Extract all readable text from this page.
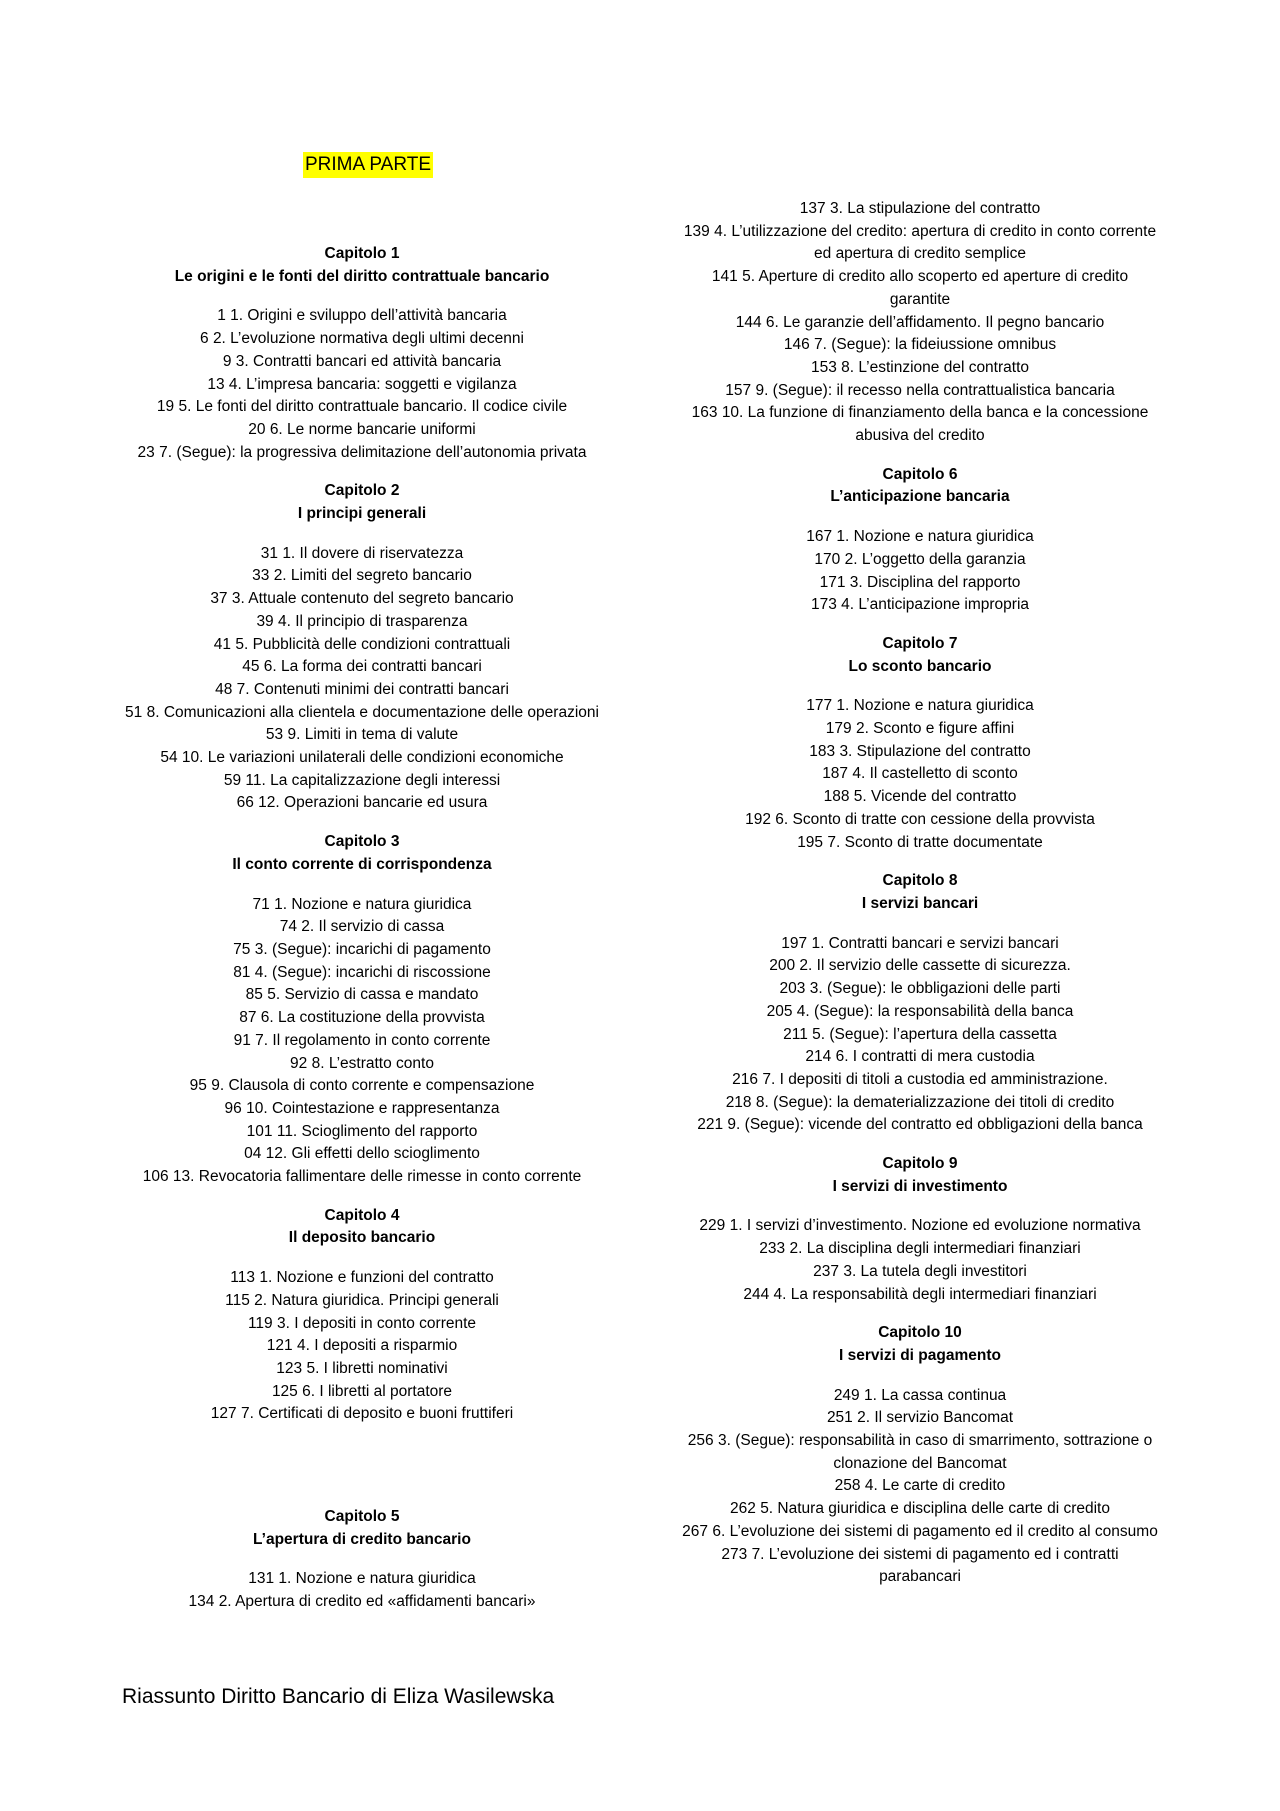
PRIMA PARTE
Capitolo 1
Le origini e le fonti del diritto contrattuale bancario
1 1. Origini e sviluppo dell’attività bancaria
6 2. L’evoluzione normativa degli ultimi decenni
9 3. Contratti bancari ed attività bancaria
13 4. L’impresa bancaria: soggetti e vigilanza
19 5. Le fonti del diritto contrattuale bancario. Il codice civile
20 6. Le norme bancarie uniformi
23 7. (Segue): la progressiva delimitazione dell’autonomia privata
Capitolo 2
I principi generali
31 1. Il dovere di riservatezza
33 2. Limiti del segreto bancario
37 3. Attuale contenuto del segreto bancario
39 4. Il principio di trasparenza
41 5. Pubblicità delle condizioni contrattuali
45 6. La forma dei contratti bancari
48 7. Contenuti minimi dei contratti bancari
51 8. Comunicazioni alla clientela e documentazione delle operazioni
53 9. Limiti in tema di valute
54 10. Le variazioni unilaterali delle condizioni economiche
59 11. La capitalizzazione degli interessi
66 12. Operazioni bancarie ed usura
Capitolo 3
Il conto corrente di corrispondenza
71 1. Nozione e natura giuridica
74 2. Il servizio di cassa
75 3. (Segue): incarichi di pagamento
81 4. (Segue): incarichi di riscossione
85 5. Servizio di cassa e mandato
87 6. La costituzione della provvista
91 7. Il regolamento in conto corrente
92 8. L’estratto conto
95 9. Clausola di conto corrente e compensazione
96 10. Cointestazione e rappresentanza
101 11. Scioglimento del rapporto
04 12. Gli effetti dello scioglimento
106 13. Revocatoria fallimentare delle rimesse in conto corrente
Capitolo 4
Il deposito bancario
113 1. Nozione e funzioni del contratto
115 2. Natura giuridica. Principi generali
119 3. I depositi in conto corrente
121 4. I depositi a risparmio
123 5. I libretti nominativi
125 6. I libretti al portatore
127 7. Certificati di deposito e buoni fruttiferi
Capitolo 5
L’apertura di credito bancario
131 1. Nozione e natura giuridica
134 2. Apertura di credito ed «affidamenti bancari»
137 3. La stipulazione del contratto
139 4. L’utilizzazione del credito: apertura di credito in conto corrente ed apertura di credito semplice
141 5. Aperture di credito allo scoperto ed aperture di credito garantite
144 6. Le garanzie dell’affidamento. Il pegno bancario
146 7. (Segue): la fideiussione omnibus
153 8. L’estinzione del contratto
157 9. (Segue): il recesso nella contrattualistica bancaria
163 10. La funzione di finanziamento della banca e la concessione abusiva del credito
Capitolo 6
L’anticipazione bancaria
167 1. Nozione e natura giuridica
170 2. L’oggetto della garanzia
171 3. Disciplina del rapporto
173 4. L’anticipazione impropria
Capitolo 7
Lo sconto bancario
177 1. Nozione e natura giuridica
179 2. Sconto e figure affini
183 3. Stipulazione del contratto
187 4. Il castelletto di sconto
188 5. Vicende del contratto
192 6. Sconto di tratte con cessione della provvista
195 7. Sconto di tratte documentate
Capitolo 8
I servizi bancari
197 1. Contratti bancari e servizi bancari
200 2. Il servizio delle cassette di sicurezza.
203 3. (Segue): le obbligazioni delle parti
205 4. (Segue): la responsabilità della banca
211 5. (Segue): l’apertura della cassetta
214 6. I contratti di mera custodia
216 7. I depositi di titoli a custodia ed amministrazione.
218 8. (Segue): la dematerializzazione dei titoli di credito
221 9. (Segue): vicende del contratto ed obbligazioni della banca
Capitolo 9
I servizi di investimento
229 1. I servizi d’investimento. Nozione ed evoluzione normativa
233 2. La disciplina degli intermediari finanziari
237 3. La tutela degli investitori
244 4. La responsabilità degli intermediari finanziari
Capitolo 10
I servizi di pagamento
249 1. La cassa continua
251 2. Il servizio Bancomat
256 3. (Segue): responsabilità in caso di smarrimento, sottrazione o clonazione del Bancomat
258 4. Le carte di credito
262 5. Natura giuridica e disciplina delle carte di credito
267 6. L’evoluzione dei sistemi di pagamento ed il credito al consumo
273 7. L’evoluzione dei sistemi di pagamento ed i contratti parabancari
Riassunto Diritto Bancario di Eliza Wasilewska
